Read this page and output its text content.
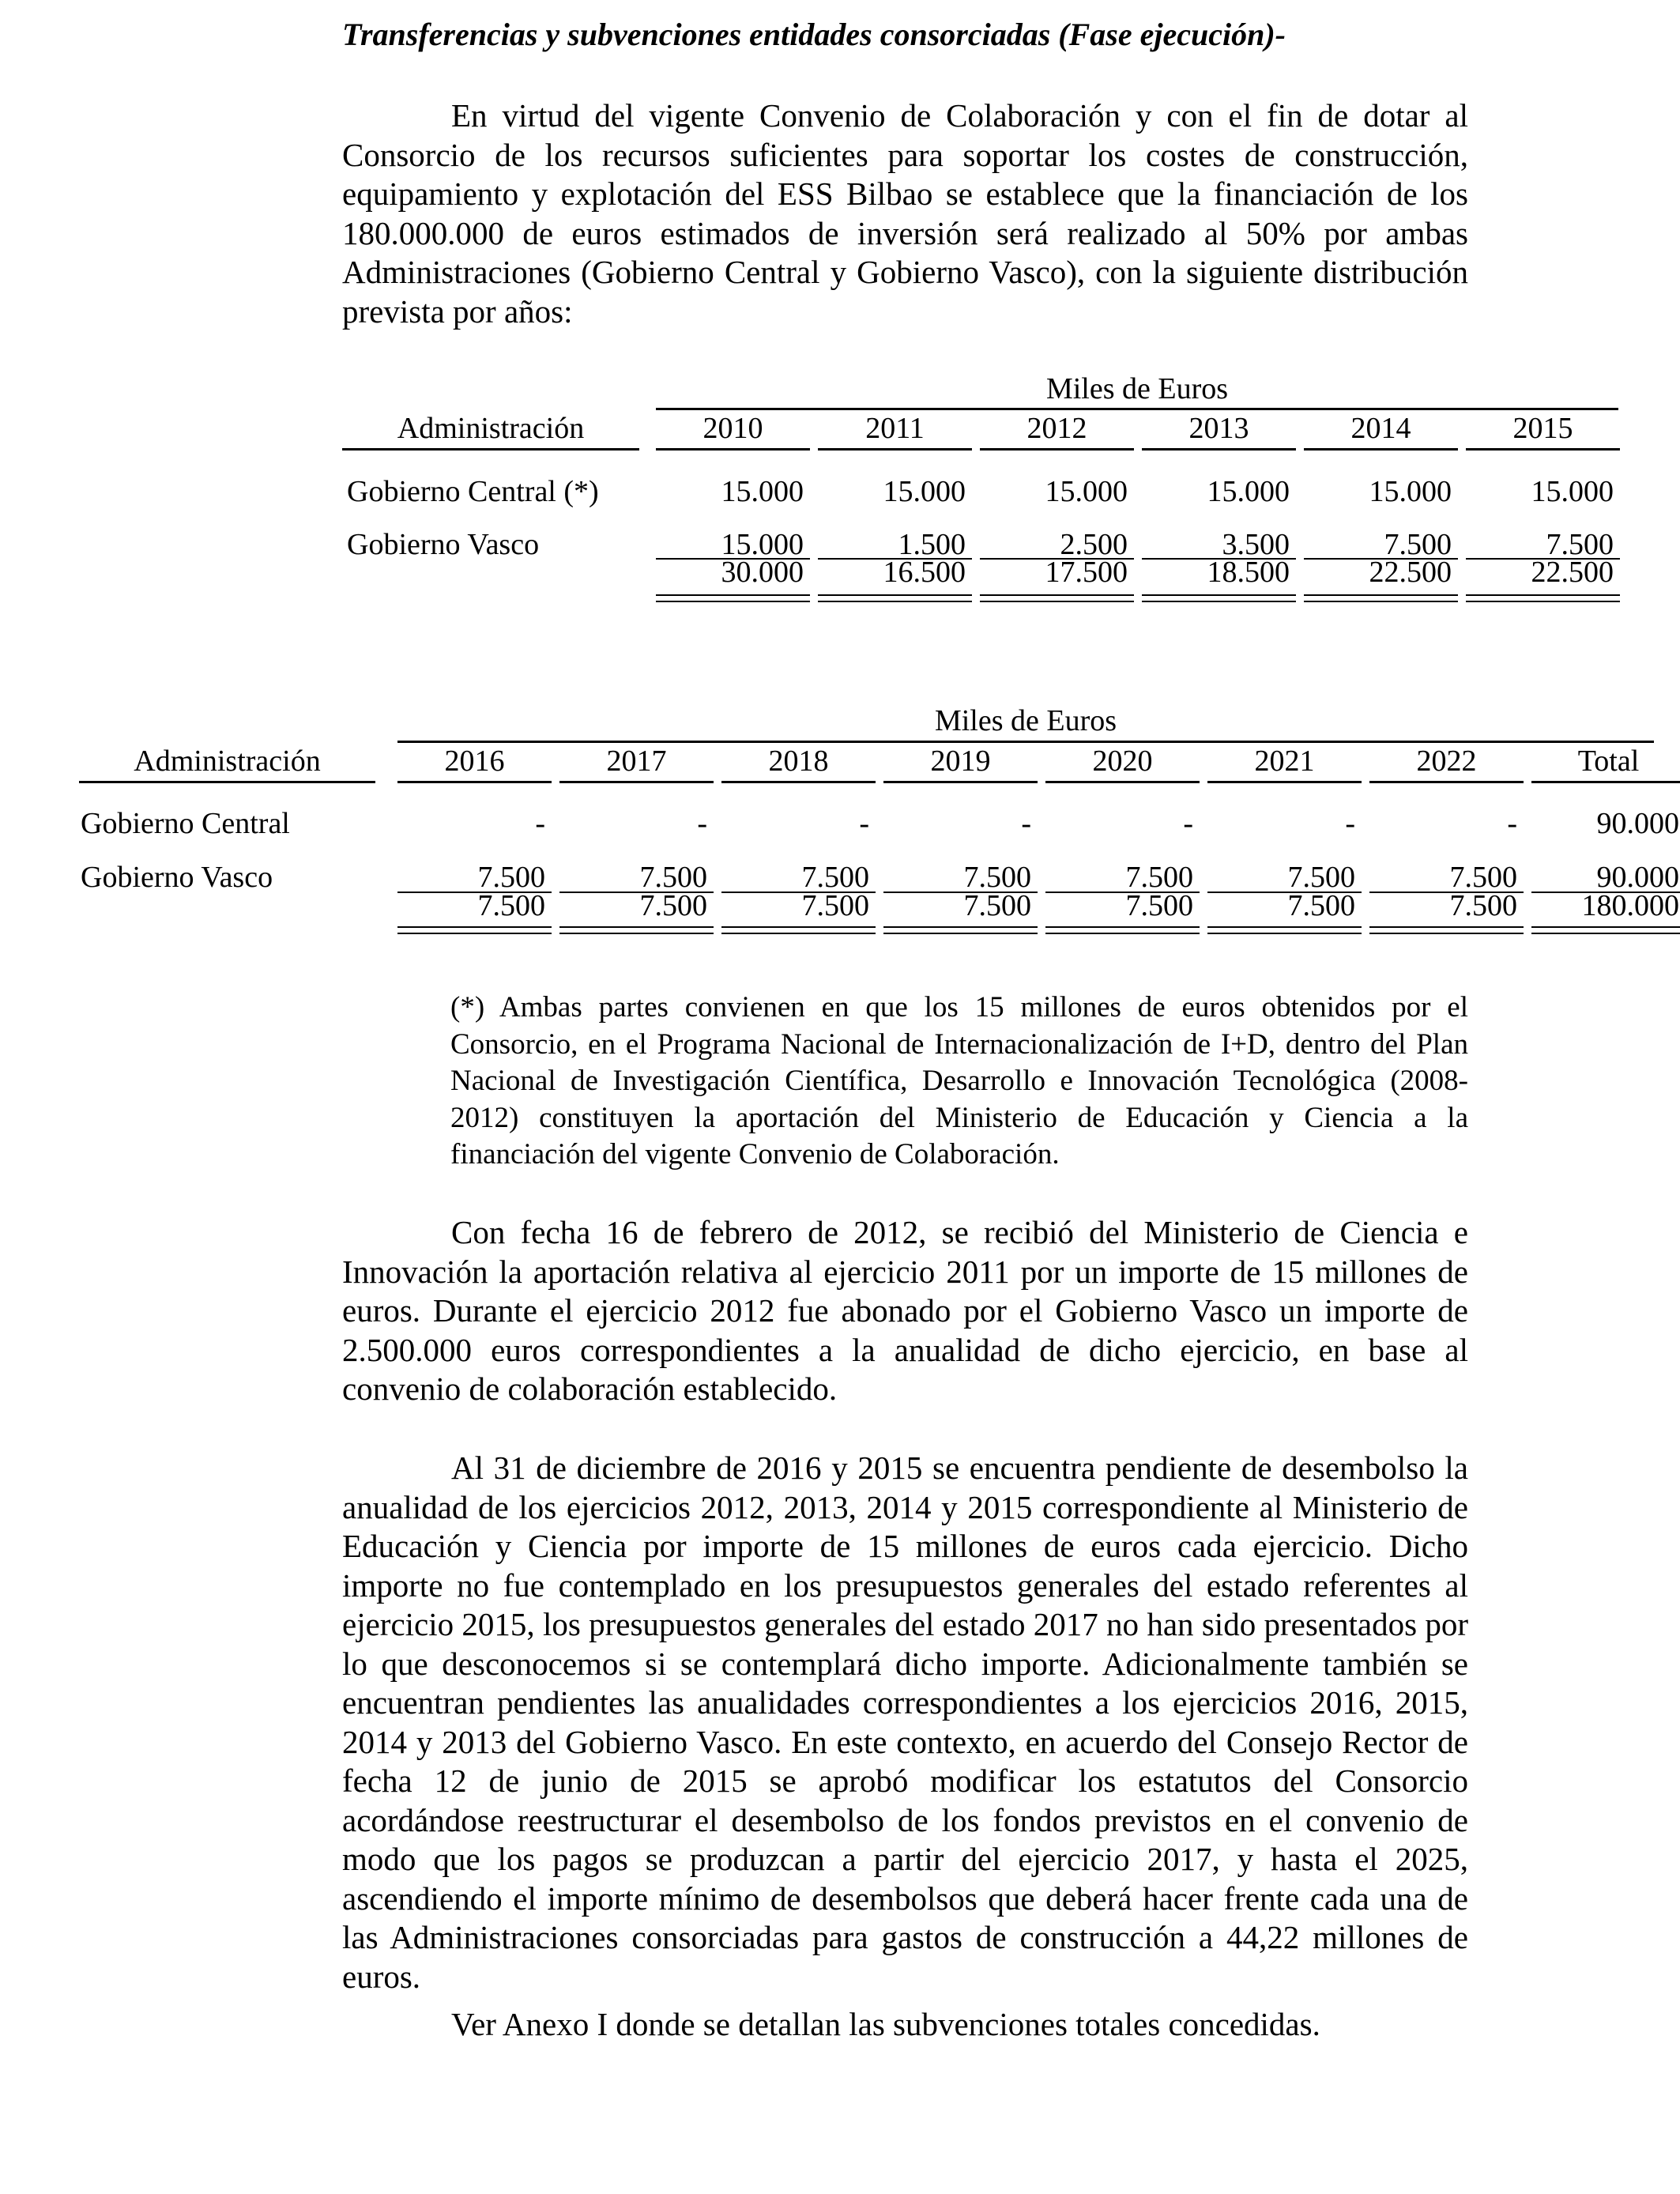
Transferencias y subvenciones entidades consorciadas (Fase ejecución)-
En virtud del vigente Convenio de Colaboración y con el fin de dotar al Consorcio de los recursos suficientes para soportar los costes de construcción, equipamiento y explotación del ESS Bilbao se establece que la financiación de los 180.000.000 de euros estimados de inversión será realizado al 50% por ambas Administraciones (Gobierno Central y Gobierno Vasco), con la siguiente distribución prevista por años:
Miles de Euros
Administración	2010	2011	2012	2013	2014	2015
Gobierno Central (*)	15.000	15.000	15.000	15.000	15.000	15.000
Gobierno Vasco	15.000	1.500	2.500	3.500	7.500	7.500
30.000	16.500	17.500	18.500	22.500	22.500
Miles de Euros
Administración	2016	2017	2018	2019	2020	2021	2022	Total
Gobierno Central	-	-	-	-	-	-	-	90.000
Gobierno Vasco	7.500	7.500	7.500	7.500	7.500	7.500	7.500	90.000
7.500	7.500	7.500	7.500	7.500	7.500	7.500	180.000
(*) Ambas partes convienen en que los 15 millones de euros obtenidos por el Consorcio, en el Programa Nacional de Internacionalización de I+D, dentro del Plan Nacional de Investigación Científica, Desarrollo e Innovación Tecnológica (2008-2012) constituyen la aportación del Ministerio de Educación y Ciencia a la financiación del vigente Convenio de Colaboración.
Con fecha 16 de febrero de 2012, se recibió del Ministerio de Ciencia e Innovación la aportación relativa al ejercicio 2011 por un importe de 15 millones de euros. Durante el ejercicio 2012 fue abonado por el Gobierno Vasco un importe de 2.500.000 euros correspondientes a la anualidad de dicho ejercicio, en base al convenio de colaboración establecido.
Al 31 de diciembre de 2016 y 2015 se encuentra pendiente de desembolso la anualidad de los ejercicios 2012, 2013, 2014 y 2015 correspondiente al Ministerio de Educación y Ciencia por importe de 15 millones de euros cada ejercicio. Dicho importe no fue contemplado en los presupuestos generales del estado referentes al ejercicio 2015, los presupuestos generales del estado 2017 no han sido presentados por lo que desconocemos si se contemplará dicho importe. Adicionalmente también se encuentran pendientes las anualidades correspondientes a los ejercicios 2016, 2015, 2014 y 2013 del Gobierno Vasco. En este contexto, en acuerdo del Consejo Rector de fecha 12 de junio de 2015 se aprobó modificar los estatutos del Consorcio acordándose reestructurar el desembolso de los fondos previstos en el convenio de modo que los pagos se produzcan a partir del ejercicio 2017, y hasta el 2025, ascendiendo el importe mínimo de desembolsos que deberá hacer frente cada una de las Administraciones consorciadas para gastos de construcción a 44,22 millones de euros.
Ver Anexo I donde se detallan las subvenciones totales concedidas.
